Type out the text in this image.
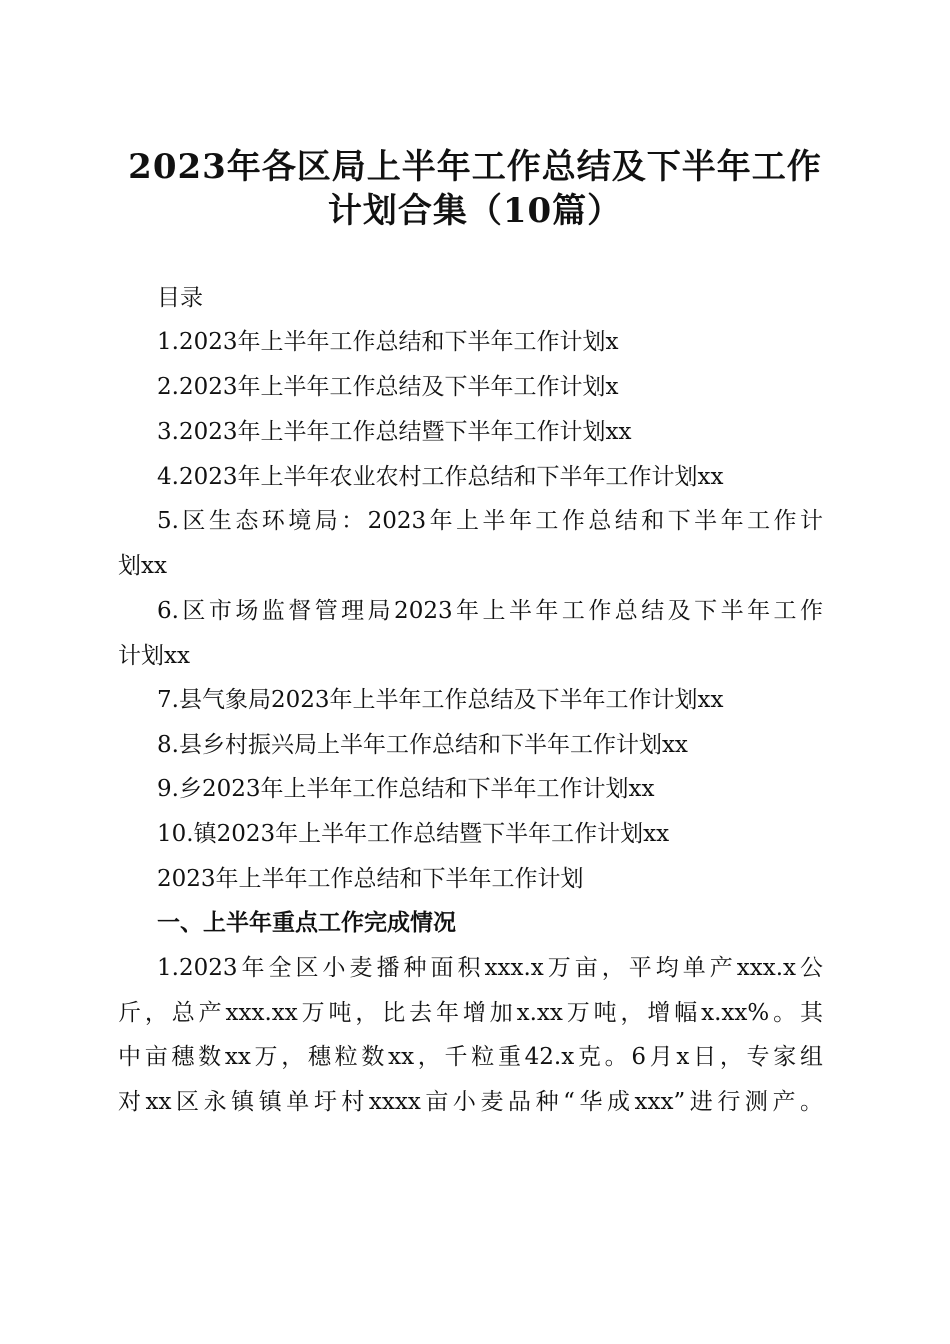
2023年各区局上半年工作总结及下半年工作
计划合集（10篇）

目录

1.2023年上半年工作总结和下半年工作计划x

2.2023年上半年工作总结及下半年工作计划x

3.2023年上半年工作总结暨下半年工作计划xx

4.2023年上半年农业农村工作总结和下半年工作计划xx

5.区生态环境局：2023年上半年工作总结和下半年工作计

划xx

6.区市场监督管理局2023年上半年工作总结及下半年工作

计划xx

7.县气象局2023年上半年工作总结及下半年工作计划xx

8.县乡村振兴局上半年工作总结和下半年工作计划xx

9.乡2023年上半年工作总结和下半年工作计划xx

10.镇2023年上半年工作总结暨下半年工作计划xx

2023年上半年工作总结和下半年工作计划

一、上半年重点工作完成情况

1.2023年全区小麦播种面积xxx.x万亩，平均单产xxx.x公

斤，总产xxx.xx万吨，比去年增加x.xx万吨，增幅x.xx%。其

中亩穗数xx万，穗粒数xx，千粒重42.x克。6月x日，专家组

对xx区永镇镇单圩村xxxx亩小麦品种“华成xxx”进行测产。
